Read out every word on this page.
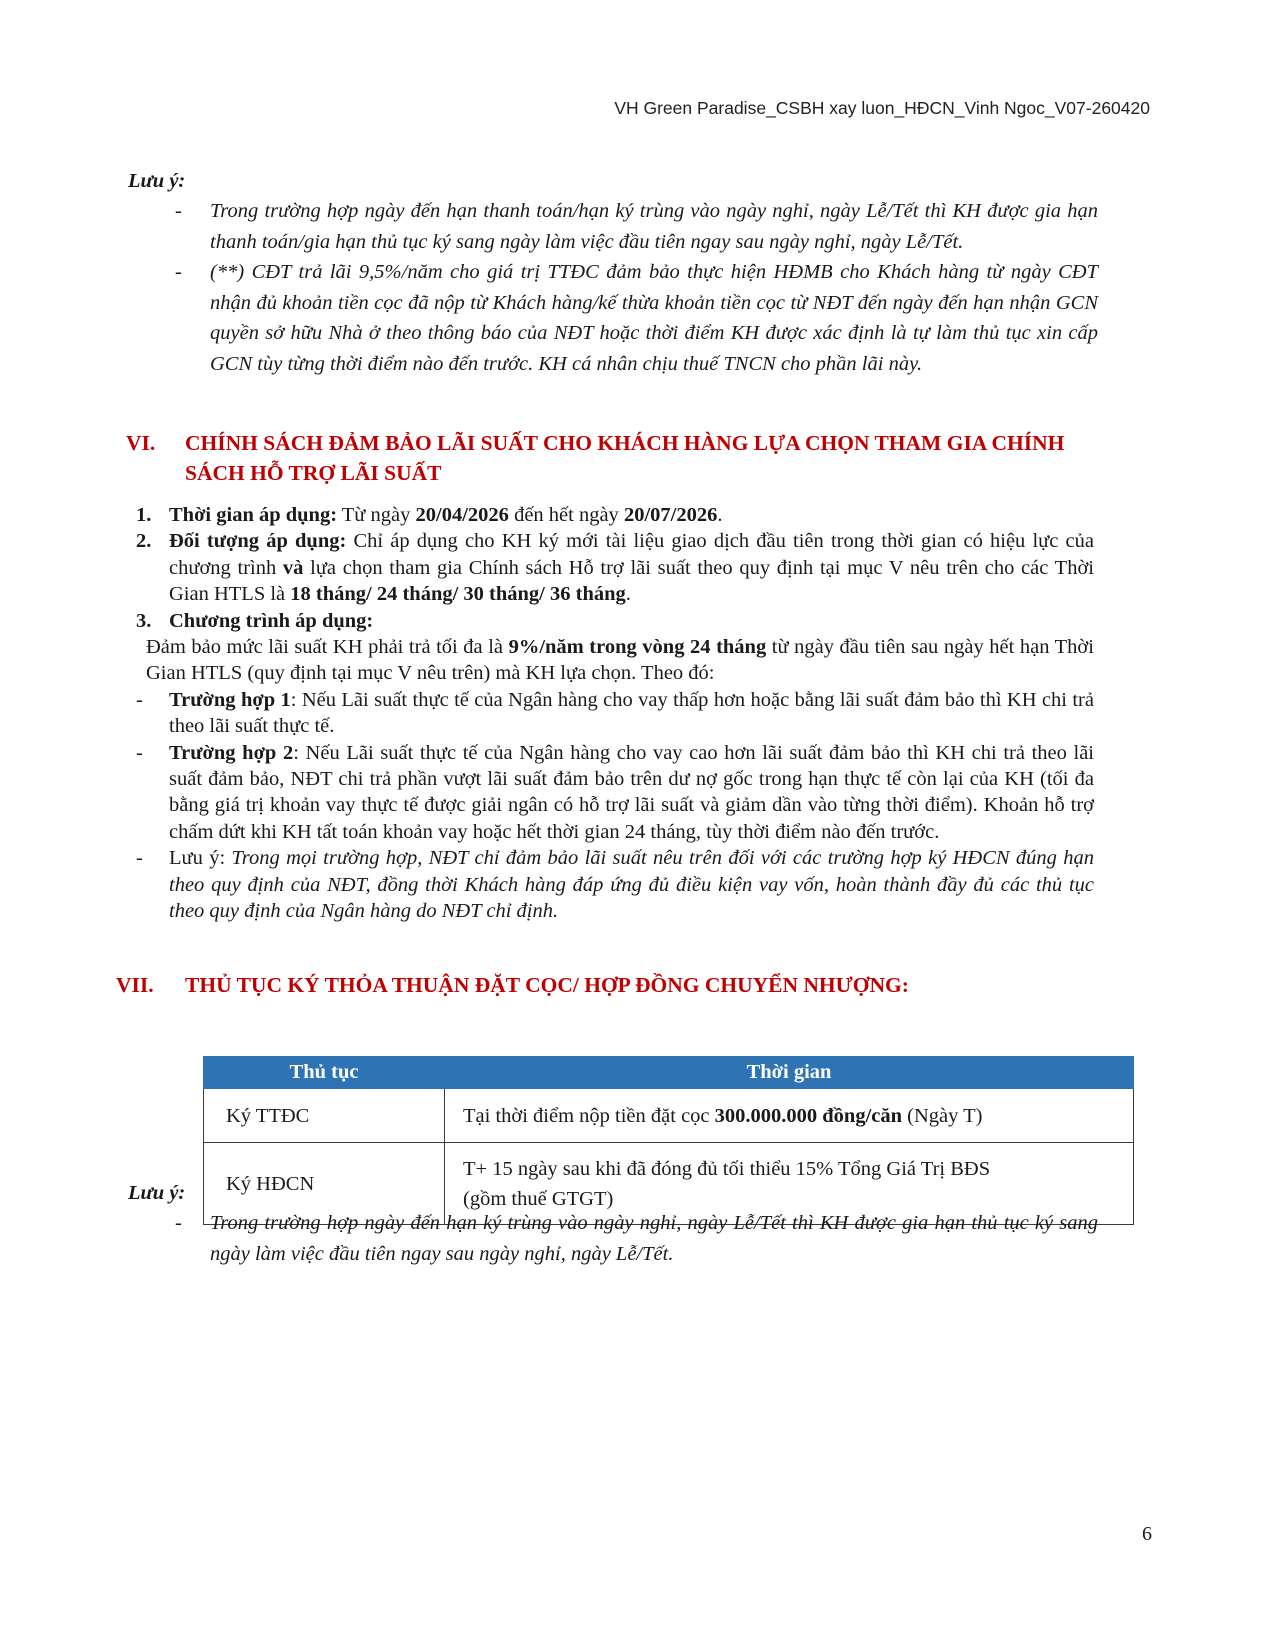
VH Green Paradise_CSBH xay luon_HĐCN_Vinh Ngoc_V07-260420
Lưu ý:
- Trong trường hợp ngày đến hạn thanh toán/hạn ký trùng vào ngày nghỉ, ngày Lễ/Tết thì KH được gia hạn thanh toán/gia hạn thủ tục ký sang ngày làm việc đầu tiên ngay sau ngày nghỉ, ngày Lễ/Tết.
- (**) CĐT trả lãi 9,5%/năm cho giá trị TTĐC đảm bảo thực hiện HĐMB cho Khách hàng từ ngày CĐT nhận đủ khoản tiền cọc đã nộp từ Khách hàng/kế thừa khoản tiền cọc từ NĐT đến ngày đến hạn nhận GCN quyền sở hữu Nhà ở theo thông báo của NĐT hoặc thời điểm KH được xác định là tự làm thủ tục xin cấp GCN tùy từng thời điểm nào đến trước. KH cá nhân chịu thuế TNCN cho phần lãi này.
VI. CHÍNH SÁCH ĐẢM BẢO LÃI SUẤT CHO KHÁCH HÀNG LỰA CHỌN THAM GIA CHÍNH
SÁCH HỖ TRỢ LÃI SUẤT
1. Thời gian áp dụng: Từ ngày 20/04/2026 đến hết ngày 20/07/2026.
2. Đối tượng áp dụng: Chỉ áp dụng cho KH ký mới tài liệu giao dịch đầu tiên trong thời gian có hiệu lực của chương trình và lựa chọn tham gia Chính sách Hỗ trợ lãi suất theo quy định tại mục V nêu trên cho các Thời Gian HTLS là 18 tháng/ 24 tháng/ 30 tháng/ 36 tháng.
3. Chương trình áp dụng:
Đảm bảo mức lãi suất KH phải trả tối đa là 9%/năm trong vòng 24 tháng từ ngày đầu tiên sau ngày hết hạn Thời Gian HTLS (quy định tại mục V nêu trên) mà KH lựa chọn. Theo đó:
- Trường hợp 1: Nếu Lãi suất thực tế của Ngân hàng cho vay thấp hơn hoặc bằng lãi suất đảm bảo thì KH chi trả theo lãi suất thực tế.
- Trường hợp 2: Nếu Lãi suất thực tế của Ngân hàng cho vay cao hơn lãi suất đảm bảo thì KH chi trả theo lãi suất đảm bảo, NĐT chi trả phần vượt lãi suất đảm bảo trên dư nợ gốc trong hạn thực tế còn lại của KH (tối đa bằng giá trị khoản vay thực tế được giải ngân có hỗ trợ lãi suất và giảm dần vào từng thời điểm). Khoản hỗ trợ chấm dứt khi KH tất toán khoản vay hoặc hết thời gian 24 tháng, tùy thời điểm nào đến trước.
- Lưu ý: Trong mọi trường hợp, NĐT chỉ đảm bảo lãi suất nêu trên đối với các trường hợp ký HĐCN đúng hạn theo quy định của NĐT, đồng thời Khách hàng đáp ứng đủ điều kiện vay vốn, hoàn thành đầy đủ các thủ tục theo quy định của Ngân hàng do NĐT chỉ định.
VII. THỦ TỤC KÝ THỎA THUẬN ĐẶT CỌC/ HỢP ĐỒNG CHUYỂN NHƯỢNG:
Thủ tục	Thời gian
Ký TTĐC	Tại thời điểm nộp tiền đặt cọc 300.000.000 đồng/căn (Ngày T)
Ký HĐCN	T+ 15 ngày sau khi đã đóng đủ tối thiểu 15% Tổng Giá Trị BĐS
(gồm thuế GTGT)
Lưu ý:
- Trong trường hợp ngày đến hạn ký trùng vào ngày nghỉ, ngày Lễ/Tết thì KH được gia hạn thủ tục ký sang ngày làm việc đầu tiên ngay sau ngày nghỉ, ngày Lễ/Tết.
6
